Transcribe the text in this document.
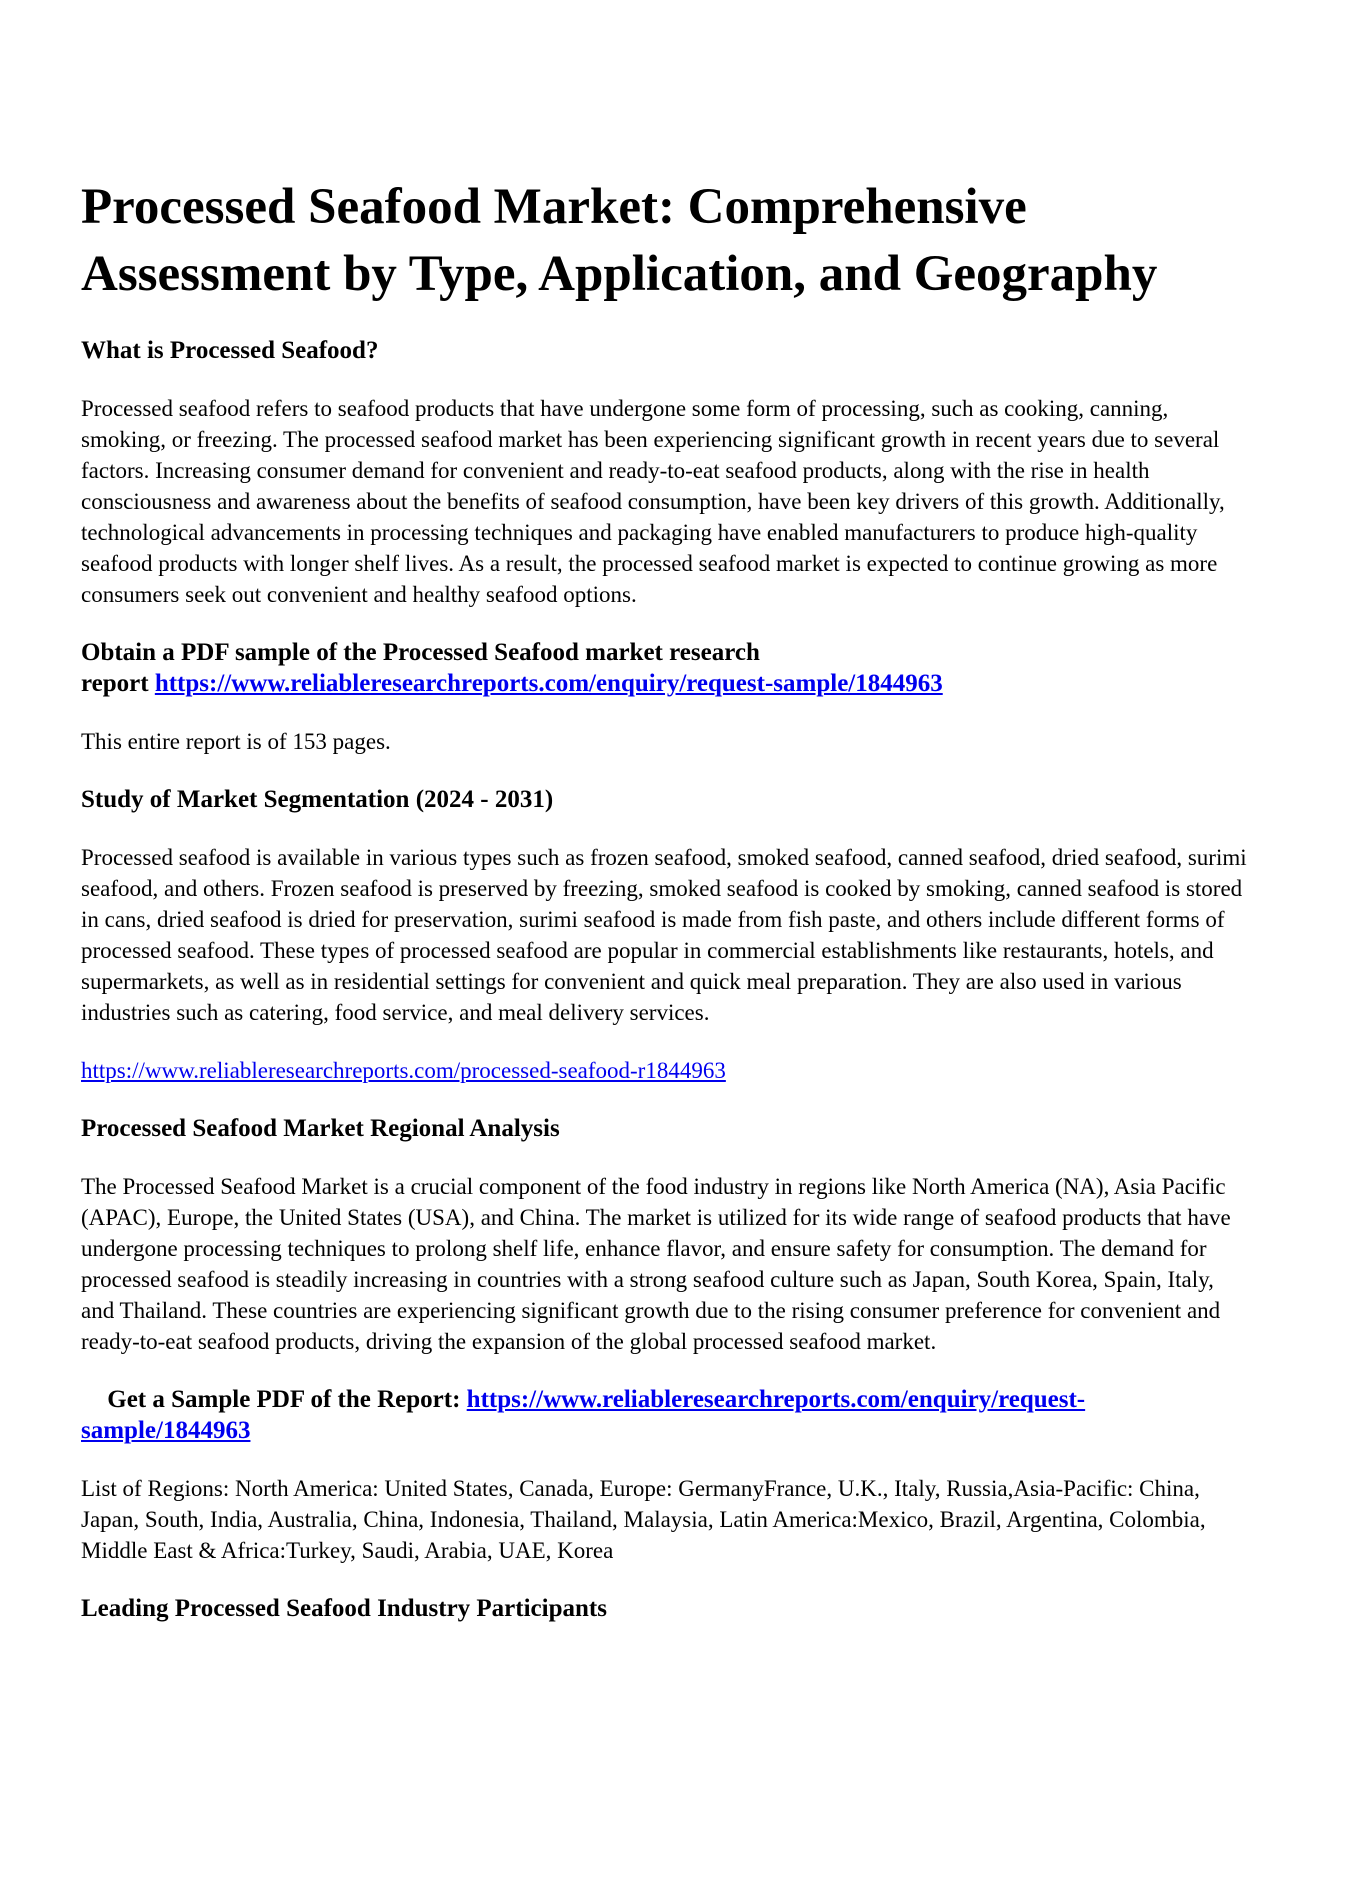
Processed Seafood Market: Comprehensive
Assessment by Type, Application, and Geography
What is Processed Seafood?

Processed seafood refers to seafood products that have undergone some form of processing, such as cooking, canning, smoking, or freezing. The processed seafood market has been experiencing significant growth in recent years due to several factors. Increasing consumer demand for convenient and ready-to-eat seafood products, along with the rise in health consciousness and awareness about the benefits of seafood consumption, have been key drivers of this growth. Additionally, technological advancements in processing techniques and packaging have enabled manufacturers to produce high-quality seafood products with longer shelf lives. As a result, the processed seafood market is expected to continue growing as more consumers seek out convenient and healthy seafood options.

Obtain a PDF sample of the Processed Seafood market research
report https://www.reliableresearchreports.com/enquiry/request-sample/1844963

This entire report is of 153 pages.

Study of Market Segmentation (2024 - 2031)

Processed seafood is available in various types such as frozen seafood, smoked seafood, canned seafood, dried seafood, surimi seafood, and others. Frozen seafood is preserved by freezing, smoked seafood is cooked by smoking, canned seafood is stored in cans, dried seafood is dried for preservation, surimi seafood is made from fish paste, and others include different forms of processed seafood. These types of processed seafood are popular in commercial establishments like restaurants, hotels, and supermarkets, as well as in residential settings for convenient and quick meal preparation. They are also used in various industries such as catering, food service, and meal delivery services.

https://www.reliableresearchreports.com/processed-seafood-r1844963

Processed Seafood Market Regional Analysis

The Processed Seafood Market is a crucial component of the food industry in regions like North America (NA), Asia Pacific (APAC), Europe, the United States (USA), and China. The market is utilized for its wide range of seafood products that have undergone processing techniques to prolong shelf life, enhance flavor, and ensure safety for consumption. The demand for processed seafood is steadily increasing in countries with a strong seafood culture such as Japan, South Korea, Spain, Italy, and Thailand. These countries are experiencing significant growth due to the rising consumer preference for convenient and ready-to-eat seafood products, driving the expansion of the global processed seafood market.

Get a Sample PDF of the Report: https://www.reliableresearchreports.com/enquiry/request-sample/1844963

List of Regions: North America: United States, Canada, Europe: GermanyFrance, U.K., Italy, Russia,Asia-Pacific: China, Japan, South, India, Australia, China, Indonesia, Thailand, Malaysia, Latin America:Mexico, Brazil, Argentina, Colombia, Middle East & Africa:Turkey, Saudi, Arabia, UAE, Korea

Leading Processed Seafood Industry Participants
